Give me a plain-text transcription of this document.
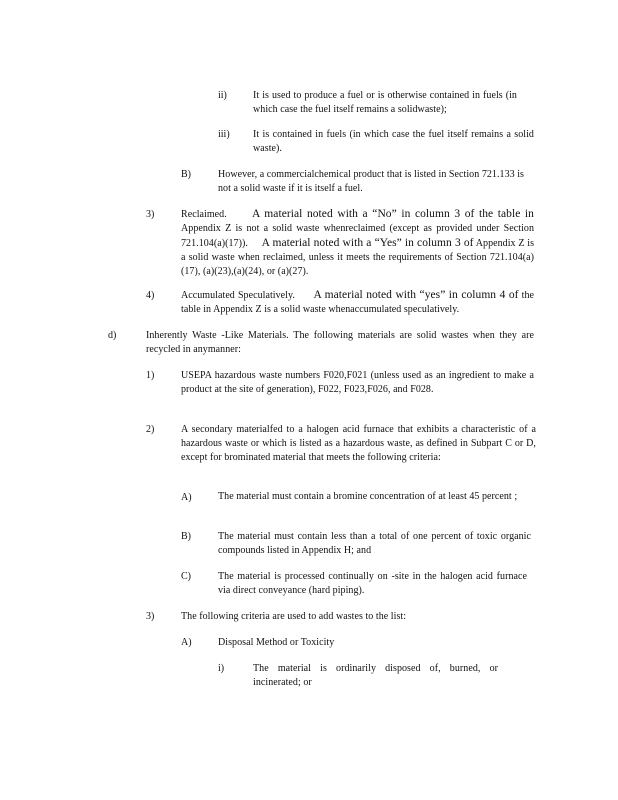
ii)	It is used to produce a fuel or is otherwise contained in fuels (in which case the fuel itself remains a solidwaste);
iii) It is contained in fuels (in which case the fuel itself remains a solid waste).
B)	However, a commercialchemical product that is listed in Section 721.133 is not a solid waste if it is itself a fuel.
3)	Reclaimed. A material noted with a “No” in column 3 of the table in Appendix Z is not a solid waste whenreclaimed (except as provided under Section 721.104(a)(17)). A material noted with a “Yes” in column 3 of Appendix Z is a solid waste when reclaimed, unless it meets the requirements of Section 721.104(a)(17), (a)(23),(a)(24), or (a)(27).
4)	Accumulated Speculatively. A material noted with “yes” in column 4 of the table in Appendix Z is a solid waste whenaccumulated speculatively.
d)	Inherently Waste -Like Materials. The following materials are solid wastes when they are recycled in anymanner:
1)	USEPA hazardous waste numbers F020,F021 (unless used as an ingredient to make a product at the site of generation), F022, F023,F026, and F028.
2)	A secondary materialfed to a halogen acid furnace that exhibits a characteristic of a hazardous waste or which is listed as a hazardous waste, as defined in Subpart C or D, except for brominated material that meets the following criteria:
A)	The material must contain a bromine concentration of at least 45 percent ;
B)	The material must contain less than a total of one percent of toxic organic compounds listed in Appendix H; and
C)	The material is processed continually on -site in the halogen acid furnace via direct conveyance (hard piping).
3)	The following criteria are used to add wastes to the list:
A)	Disposal Method or Toxicity
i)	The material is ordinarily disposed of, burned, or incinerated; or
